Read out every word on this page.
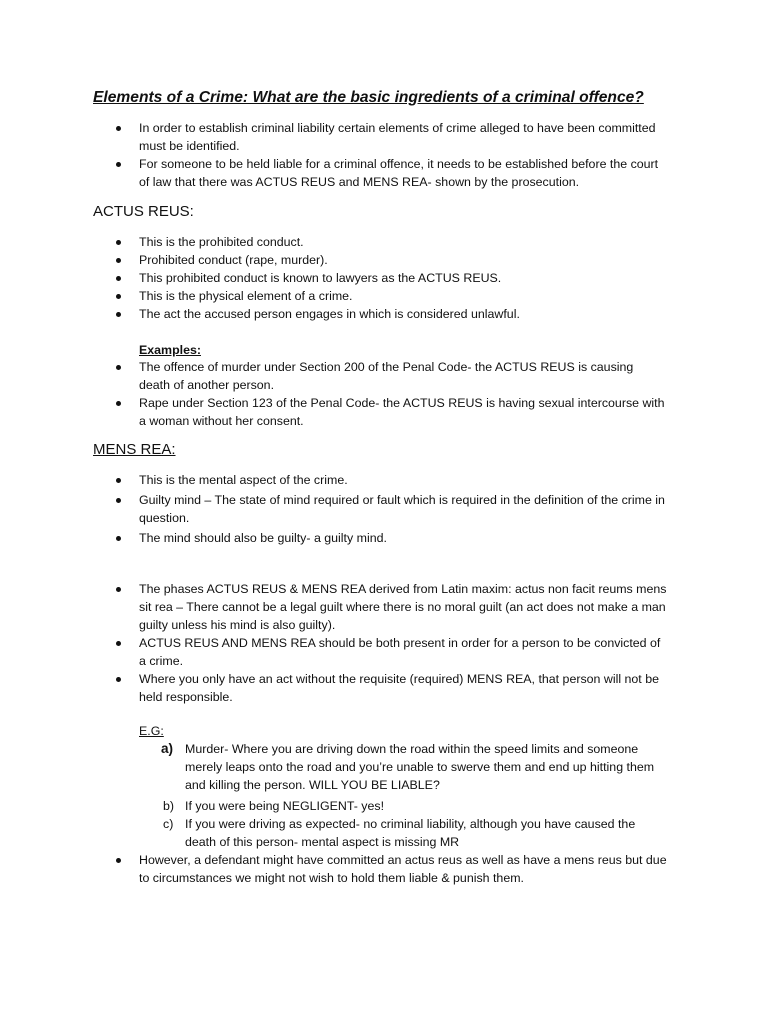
Elements of a Crime: What are the basic ingredients of a criminal offence?

In order to establish criminal liability certain elements of crime alleged to have been committed must be identified.

For someone to be held liable for a criminal offence, it needs to be established before the court of law that there was ACTUS REUS and MENS REA- shown by the prosecution.

ACTUS REUS:

This is the prohibited conduct.

Prohibited conduct (rape, murder).

This prohibited conduct is known to lawyers as the ACTUS REUS.

This is the physical element of a crime.

The act the accused person engages in which is considered unlawful.

Examples:

The offence of murder under Section 200 of the Penal Code- the ACTUS REUS is causing death of another person.

Rape under Section 123 of the Penal Code- the ACTUS REUS is having sexual intercourse with a woman without her consent.

MENS REA:

This is the mental aspect of the crime.

Guilty mind – The state of mind required or fault which is required in the definition of the crime in question.

The mind should also be guilty- a guilty mind.

The phases ACTUS REUS & MENS REA derived from Latin maxim: actus non facit reums mens sit rea – There cannot be a legal guilt where there is no moral guilt (an act does not make a man guilty unless his mind is also guilty).

ACTUS REUS AND MENS REA should be both present in order for a person to be convicted of a crime.

Where you only have an act without the requisite (required) MENS REA, that person will not be held responsible.

E.G:

a) Murder- Where you are driving down the road within the speed limits and someone merely leaps onto the road and you’re unable to swerve them and end up hitting them and killing the person. WILL YOU BE LIABLE?

b) If you were being NEGLIGENT- yes!

c) If you were driving as expected- no criminal liability, although you have caused the death of this person- mental aspect is missing MR

However, a defendant might have committed an actus reus as well as have a mens reus but due to circumstances we might not wish to hold them liable & punish them.
